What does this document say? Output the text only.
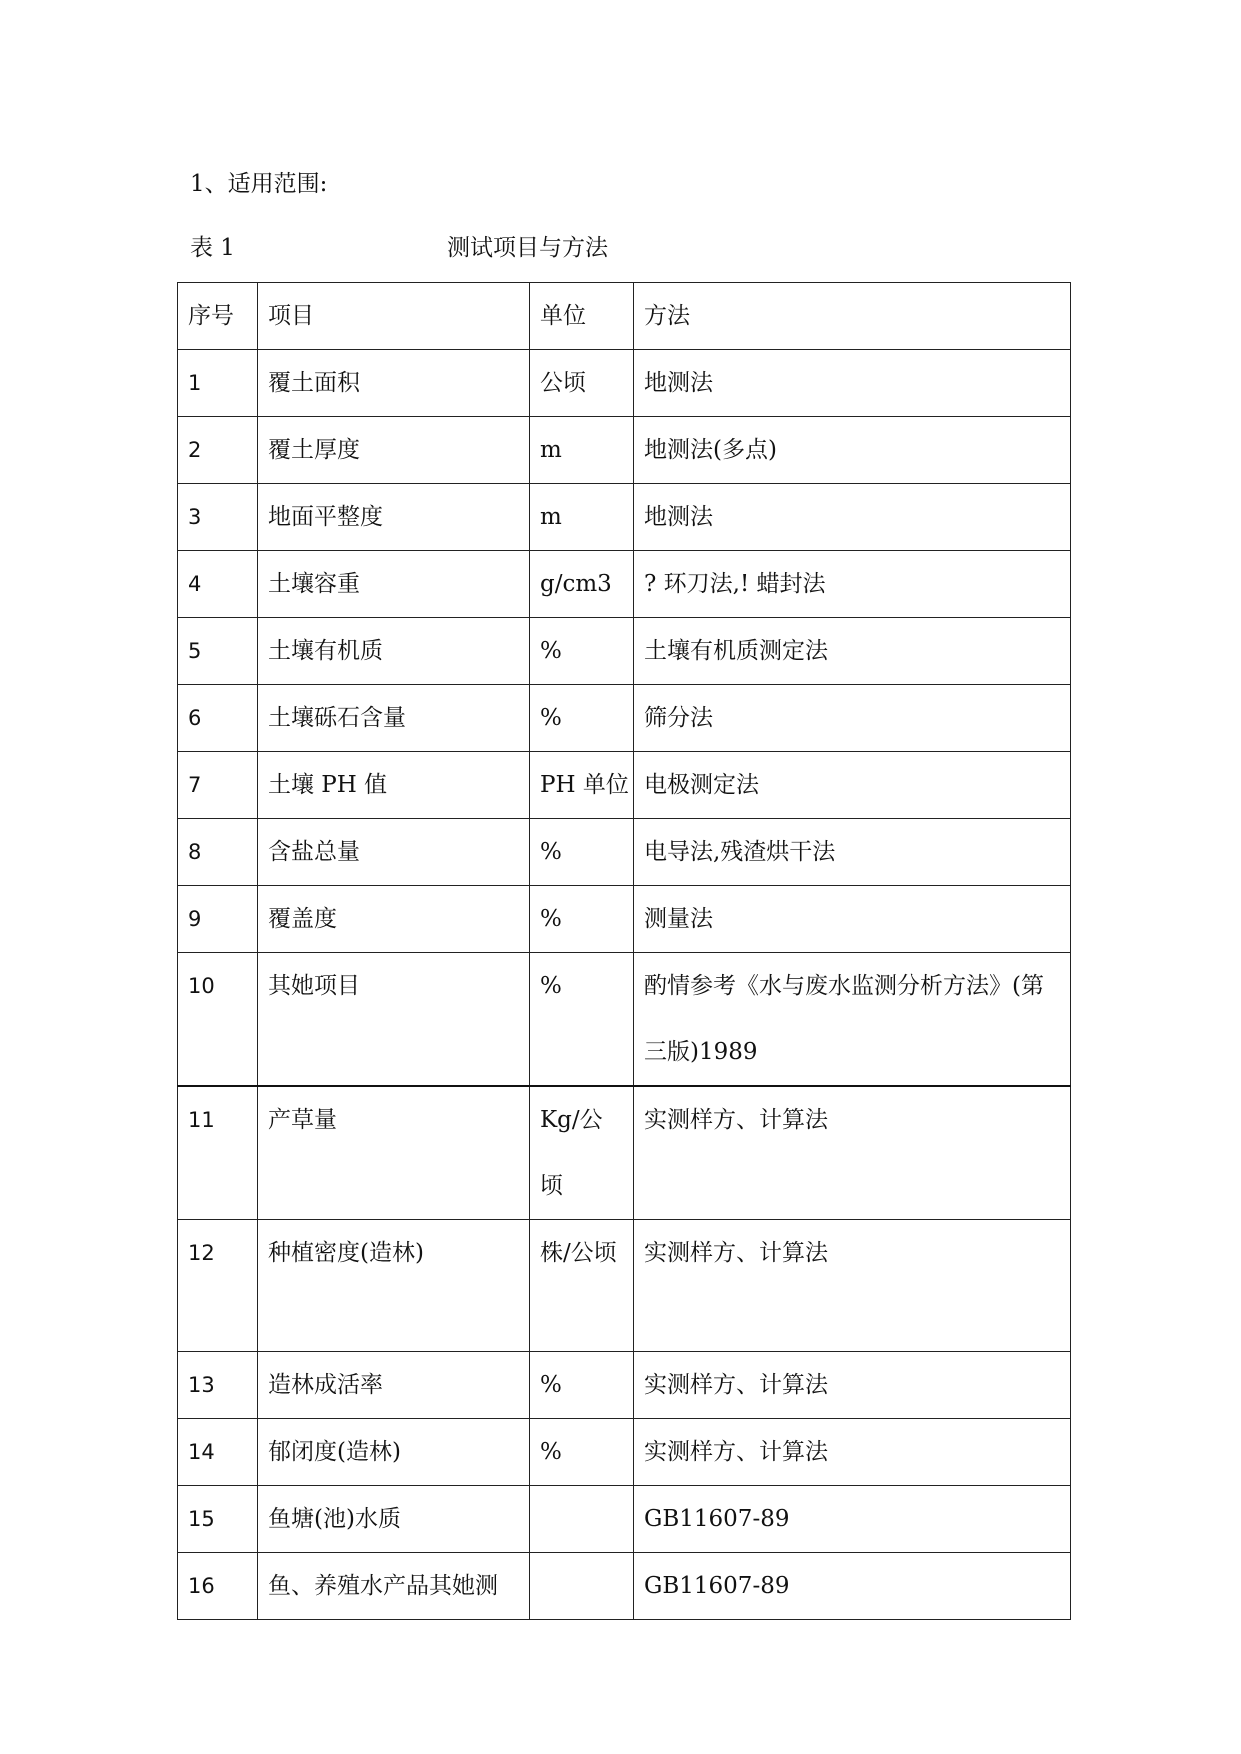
1、适用范围:
表 1	测试项目与方法
序号	项目	单位	方法
1	覆土面积	公顷	地测法
2	覆土厚度	m	地测法(多点)
3	地面平整度	m	地测法
4	土壤容重	g/cm3	? 环刀法,! 蜡封法
5	土壤有机质	%	土壤有机质测定法
6	土壤砾石含量	%	筛分法
7	土壤 PH 值	PH 单位	电极测定法
8	含盐总量	%	电导法,残渣烘干法
9	覆盖度	%	测量法
10	其她项目	%	酌情参考《水与废水监测分析方法》(第三版)1989
11	产草量	Kg/公顷	实测样方、计算法
12	种植密度(造林)	株/公顷	实测样方、计算法
13	造林成活率	%	实测样方、计算法
14	郁闭度(造林)	%	实测样方、计算法
15	鱼塘(池)水质		GB11607-89
16	鱼、养殖水产品其她测		GB11607-89
